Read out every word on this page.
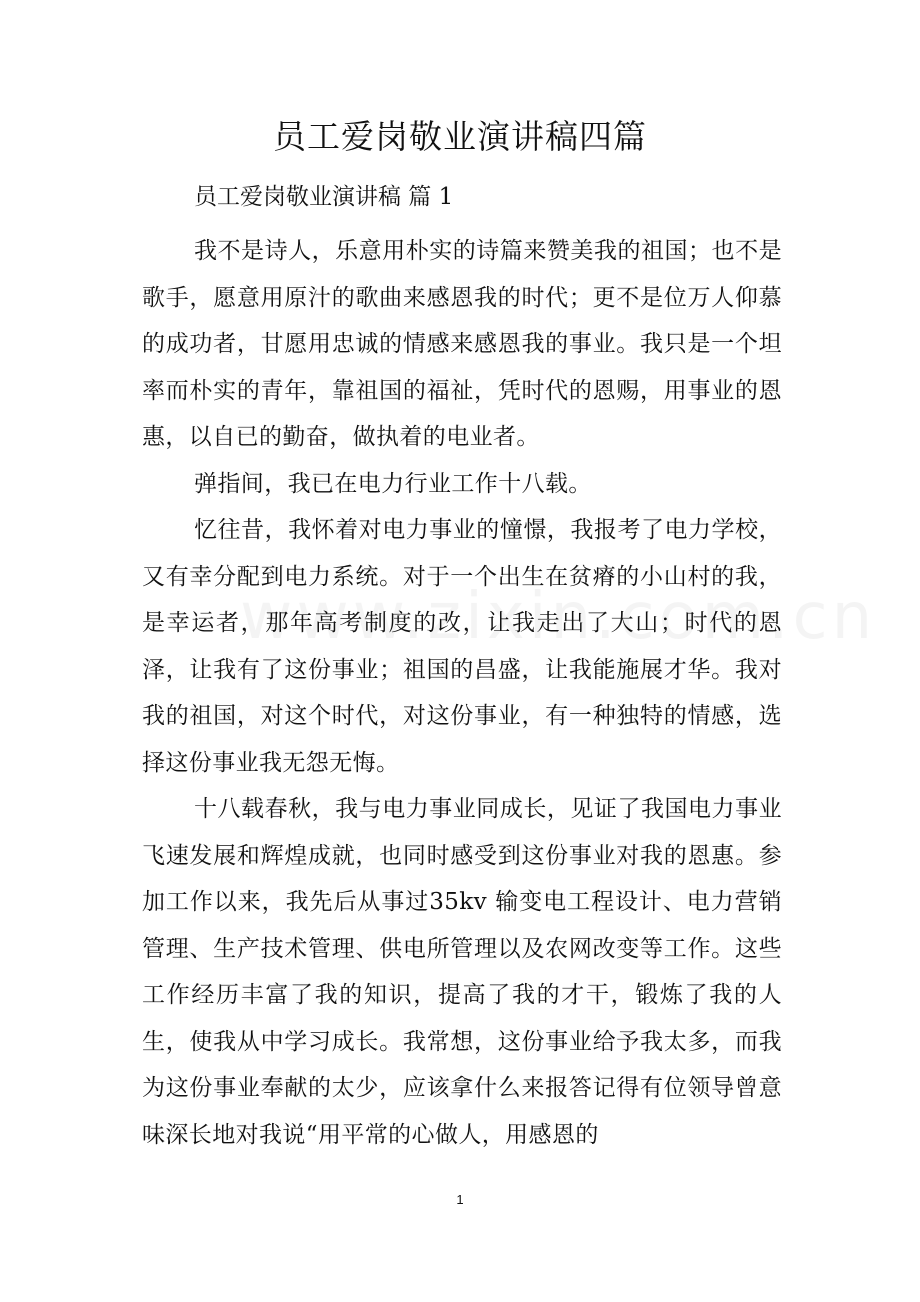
员工爱岗敬业演讲稿四篇

员工爱岗敬业演讲稿 篇 1

我不是诗人，乐意用朴实的诗篇来赞美我的祖国；也不是歌手，愿意用原汁的歌曲来感恩我的时代；更不是位万人仰慕的成功者，甘愿用忠诚的情感来感恩我的事业。我只是一个坦率而朴实的青年，靠祖国的福祉，凭时代的恩赐，用事业的恩惠，以自已的勤奋，做执着的电业者。

弹指间，我已在电力行业工作十八载。

忆往昔，我怀着对电力事业的憧憬，我报考了电力学校，又有幸分配到电力系统。对于一个出生在贫瘠的小山村的我，是幸运者，那年高考制度的改，让我走出了大山；时代的恩泽，让我有了这份事业；祖国的昌盛，让我能施展才华。我对我的祖国，对这个时代，对这份事业，有一种独特的情感，选择这份事业我无怨无悔。

十八载春秋，我与电力事业同成长，见证了我国电力事业飞速发展和辉煌成就，也同时感受到这份事业对我的恩惠。参加工作以来，我先后从事过35kv 输变电工程设计、电力营销管理、生产技术管理、供电所管理以及农网改变等工作。这些工作经历丰富了我的知识，提高了我的才干，锻炼了我的人生，使我从中学习成长。我常想，这份事业给予我太多，而我为这份事业奉献的太少，应该拿什么来报答记得有位领导曾意味深长地对我说“用平常的心做人，用感恩的

1
